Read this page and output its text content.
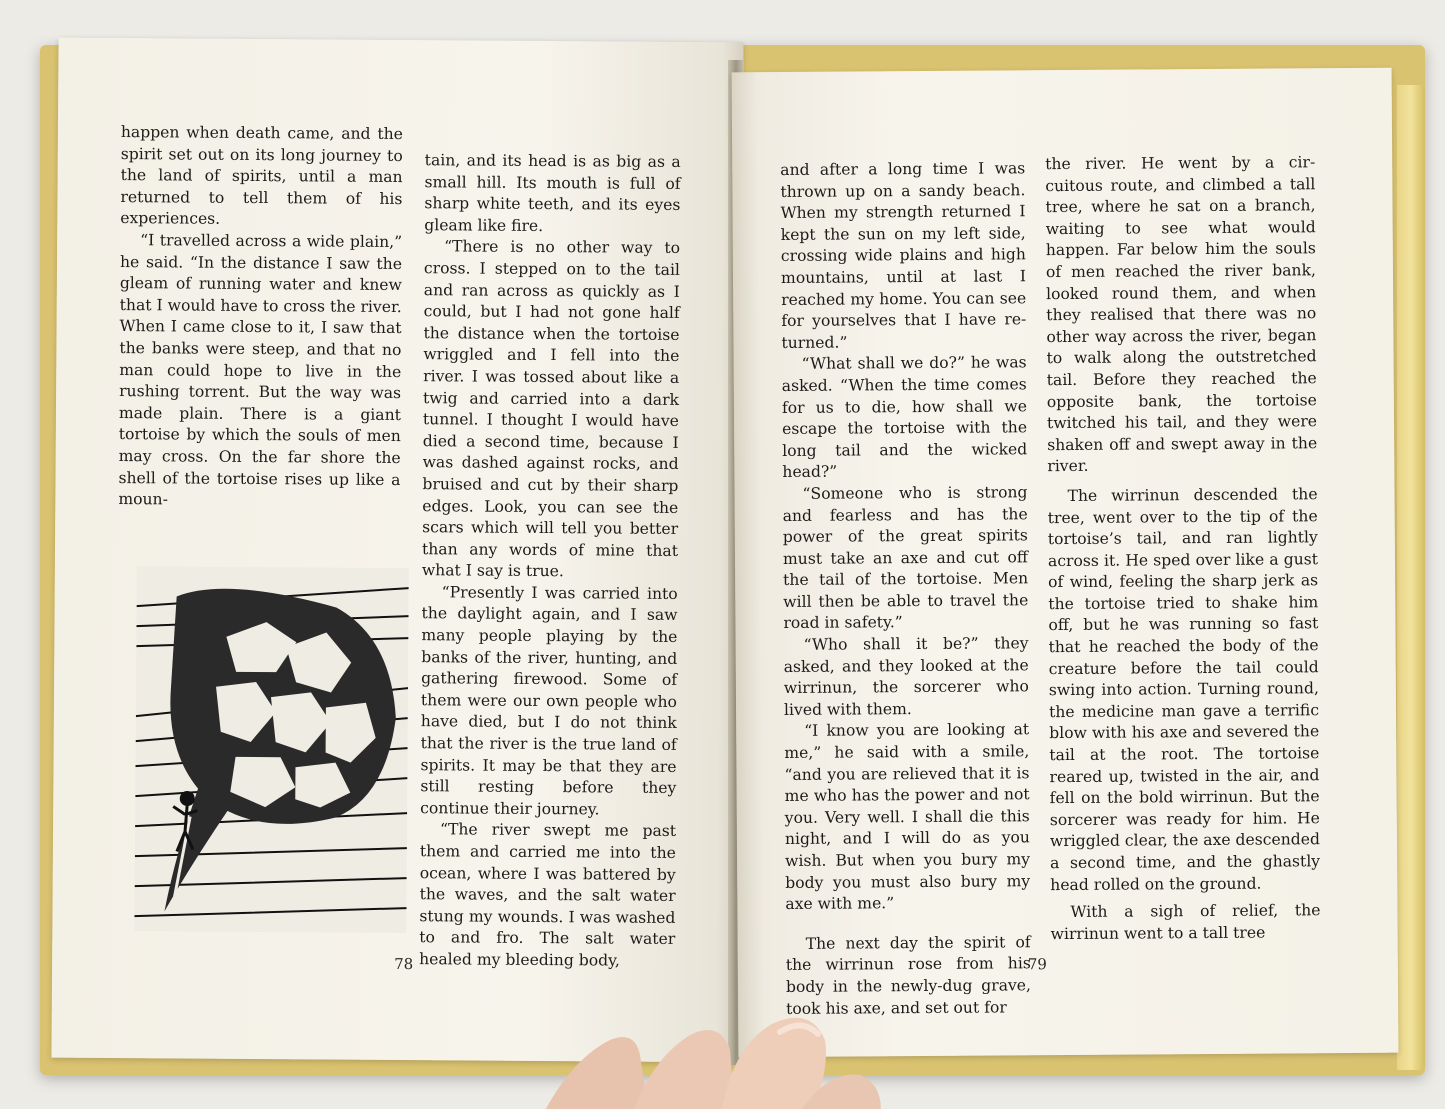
happen when death came, and the spirit set out on its long journey to the land of spirits, until a man returned to tell them of his experiences.

“I travelled across a wide plain,” he said. “In the distance I saw the gleam of running water and knew that I would have to cross the river. When I came close to it, I saw that the banks were steep, and that no man could hope to live in the rushing torrent. But the way was made plain. There is a giant tortoise by which the souls of men may cross. On the far shore the shell of the tortoise rises up like a moun-

tain, and its head is as big as a small hill. Its mouth is full of sharp white teeth, and its eyes gleam like fire.

“There is no other way to cross. I stepped on to the tail and ran across as quickly as I could, but I had not gone half the distance when the tortoise wriggled and I fell into the river. I was tossed about like a twig and carried into a dark tunnel. I thought I would have died a second time, because I was dashed against rocks, and bruised and cut by their sharp edges. Look, you can see the scars which will tell you better than any words of mine that what I say is true.

“Presently I was carried into the daylight again, and I saw many people playing by the banks of the river, hunting, and gathering firewood. Some of them were our own people who have died, but I do not think that the river is the true land of spirits. It may be that they are still resting before they continue their journey.

“The river swept me past them and carried me into the ocean, where I was battered by the waves, and the salt water stung my wounds. I was washed to and fro. The salt water healed my bleeding body,

78

and after a long time I was thrown up on a sandy beach. When my strength returned I kept the sun on my left side, crossing wide plains and high mountains, until at last I reached my home. You can see for yourselves that I have re-turned.”

“What shall we do?” he was asked. “When the time comes for us to die, how shall we escape the tortoise with the long tail and the wicked head?”

“Someone who is strong and fearless and has the power of the great spirits must take an axe and cut off the tail of the tortoise. Men will then be able to travel the road in safety.”

“Who shall it be?” they asked, and they looked at the wirrinun, the sorcerer who lived with them.

“I know you are looking at me,” he said with a smile, “and you are relieved that it is me who has the power and not you. Very well. I shall die this night, and I will do as you wish. But when you bury my body you must also bury my axe with me.”

The next day the spirit of the wirrinun rose from his body in the newly-dug grave, took his axe, and set out for

the river. He went by a cir-cuitous route, and climbed a tall tree, where he sat on a branch, waiting to see what would happen. Far below him the souls of men reached the river bank, looked round them, and when they realised that there was no other way across the river, began to walk along the outstretched tail. Before they reached the opposite bank, the tortoise twitched his tail, and they were shaken off and swept away in the river.

The wirrinun descended the tree, went over to the tip of the tortoise’s tail, and ran lightly across it. He sped over like a gust of wind, feeling the sharp jerk as the tortoise tried to shake him off, but he was running so fast that he reached the body of the creature before the tail could swing into action. Turning round, the medicine man gave a terrific blow with his axe and severed the tail at the root. The tortoise reared up, twisted in the air, and fell on the bold wirrinun. But the sorcerer was ready for him. He wriggled clear, the axe descended a second time, and the ghastly head rolled on the ground.

With a sigh of relief, the wirrinun went to a tall tree

79
